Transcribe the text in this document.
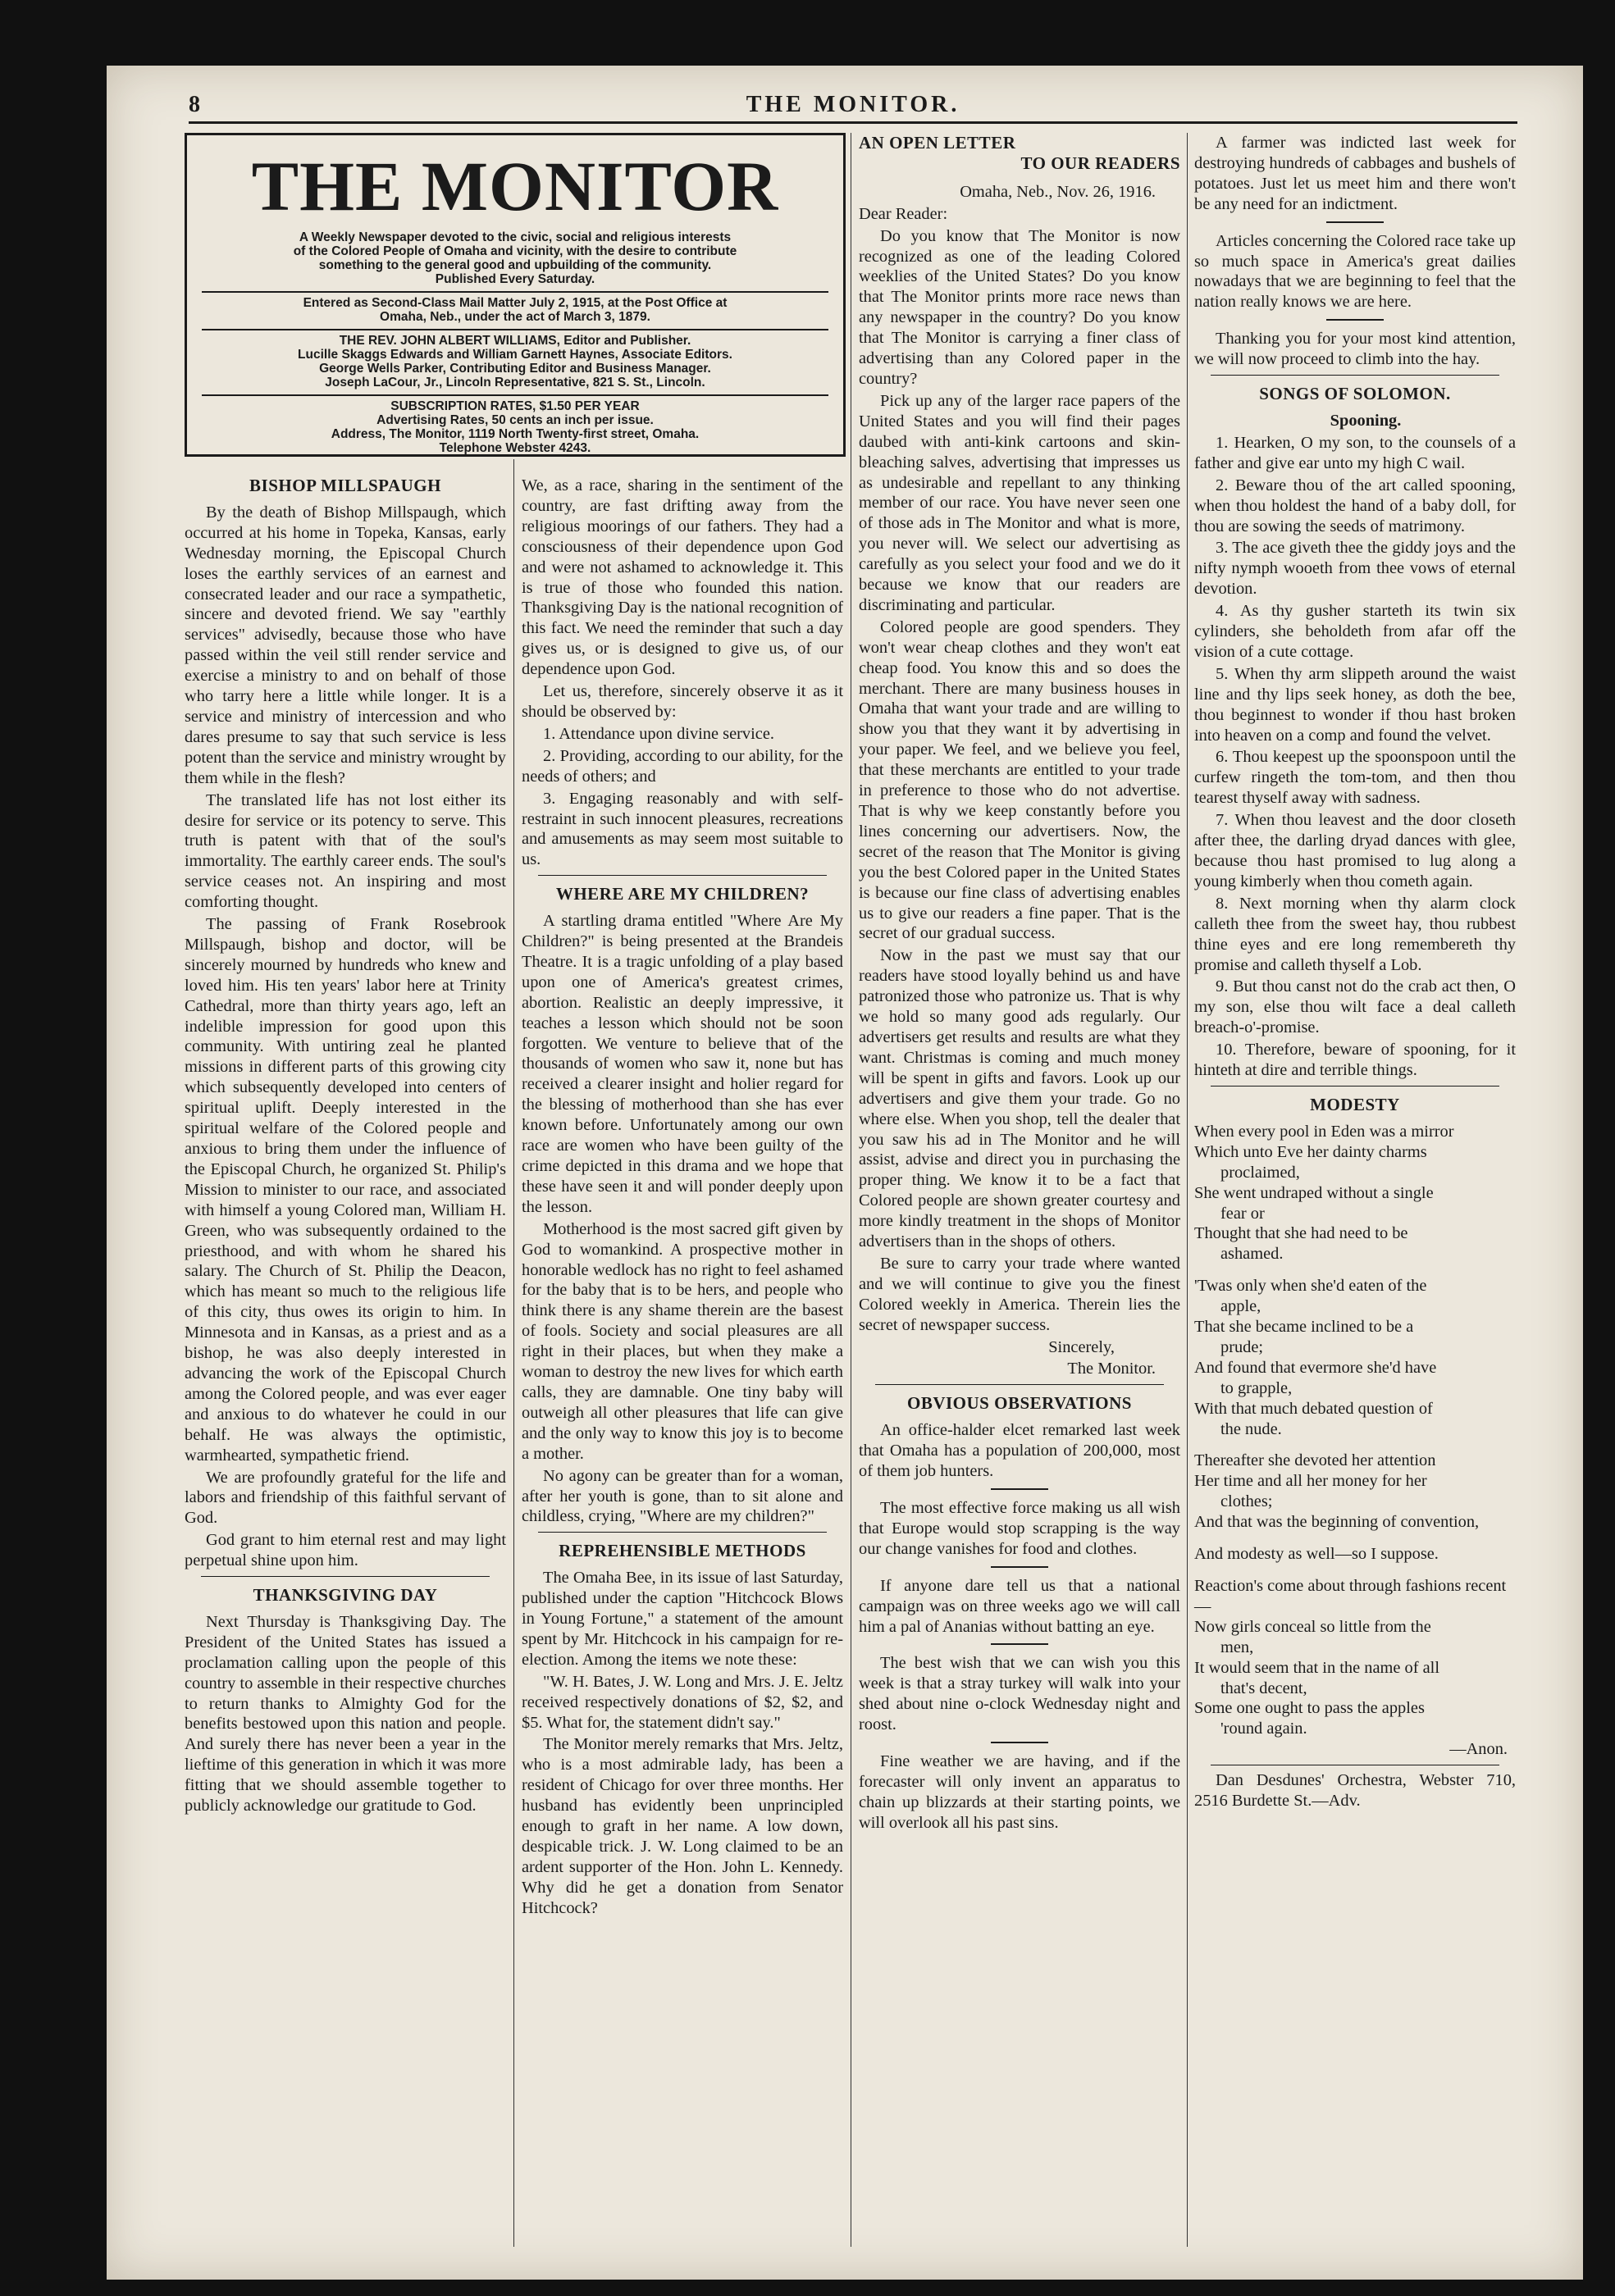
8	THE MONITOR.
THE MONITOR
A Weekly Newspaper devoted to the civic, social and religious interests
of the Colored People of Omaha and vicinity, with the desire to contribute
something to the general good and upbuilding of the community.
Published Every Saturday.
Entered as Second-Class Mail Matter July 2, 1915, at the Post Office at
Omaha, Neb., under the act of March 3, 1879.
THE REV. JOHN ALBERT WILLIAMS, Editor and Publisher.
Lucille Skaggs Edwards and William Garnett Haynes, Associate Editors.
George Wells Parker, Contributing Editor and Business Manager.
Joseph LaCour, Jr., Lincoln Representative, 821 S. St., Lincoln.
SUBSCRIPTION RATES, $1.50 PER YEAR
Advertising Rates, 50 cents an inch per issue.
Address, The Monitor, 1119 North Twenty-first street, Omaha.
Telephone Webster 4243.
BISHOP MILLSPAUGH

By the death of Bishop Millspaugh, which occurred at his home in Topeka, Kansas, early Wednesday morning, the Episcopal Church loses the earthly services of an earnest and consecrated leader and our race a sympathetic, sincere and devoted friend. We say "earthly services" advisedly, because those who have passed within the veil still render service and exercise a ministry to and on behalf of those who tarry here a little while longer. It is a service and ministry of intercession and who dares presume to say that such service is less potent than the service and ministry wrought by them while in the flesh?

The translated life has not lost either its desire for service or its potency to serve. This truth is patent with that of the soul's immortality. The earthly career ends. The soul's service ceases not. An inspiring and most comforting thought.

The passing of Frank Rosebrook Millspaugh, bishop and doctor, will be sincerely mourned by hundreds who knew and loved him. His ten years' labor here at Trinity Cathedral, more than thirty years ago, left an indelible impression for good upon this community. With untiring zeal he planted missions in different parts of this growing city which subsequently developed into centers of spiritual uplift. Deeply interested in the spiritual welfare of the Colored people and anxious to bring them under the influence of the Episcopal Church, he organized St. Philip's Mission to minister to our race, and associated with himself a young Colored man, William H. Green, who was subsequently ordained to the priesthood, and with whom he shared his salary. The Church of St. Philip the Deacon, which has meant so much to the religious life of this city, thus owes its origin to him. In Minnesota and in Kansas, as a priest and as a bishop, he was also deeply interested in advancing the work of the Episcopal Church among the Colored people, and was ever eager and anxious to do whatever he could in our behalf. He was always the optimistic, warmhearted, sympathetic friend.

We are profoundly grateful for the life and labors and friendship of this faithful servant of God.

God grant to him eternal rest and may light perpetual shine upon him.

THANKSGIVING DAY

Next Thursday is Thanksgiving Day. The President of the United States has issued a proclamation calling upon the people of this country to assemble in their respective churches to return thanks to Almighty God for the benefits bestowed upon this nation and people. And surely there has never been a year in the lieftime of this generation in which it was more fitting that we should assemble together to publicly acknowledge our gratitude to God.

We, as a race, sharing in the sentiment of the country, are fast drifting away from the religious moorings of our fathers. They had a consciousness of their dependence upon God and were not ashamed to acknowledge it. This is true of those who founded this nation. Thanksgiving Day is the national recognition of this fact. We need the reminder that such a day gives us, or is designed to give us, of our dependence upon God.

Let us, therefore, sincerely observe it as it should be observed by:

1. Attendance upon divine service.

2. Providing, according to our ability, for the needs of others; and

3. Engaging reasonably and with self-restraint in such innocent pleasures, recreations and amusements as may seem most suitable to us.

WHERE ARE MY CHILDREN?

A startling drama entitled "Where Are My Children?" is being presented at the Brandeis Theatre. It is a tragic unfolding of a play based upon one of America's greatest crimes, abortion. Realistic an deeply impressive, it teaches a lesson which should not be soon forgotten. We venture to believe that of the thousands of women who saw it, none but has received a clearer insight and holier regard for the blessing of motherhood than she has ever known before. Unfortunately among our own race are women who have been guilty of the crime depicted in this drama and we hope that these have seen it and will ponder deeply upon the lesson.

Motherhood is the most sacred gift given by God to womankind. A prospective mother in honorable wedlock has no right to feel ashamed for the baby that is to be hers, and people who think there is any shame therein are the basest of fools. Society and social pleasures are all right in their places, but when they make a woman to destroy the new lives for which earth calls, they are damnable. One tiny baby will outweigh all other pleasures that life can give and the only way to know this joy is to become a mother.

No agony can be greater than for a woman, after her youth is gone, than to sit alone and childless, crying, "Where are my children?"

REPREHENSIBLE METHODS

The Omaha Bee, in its issue of last Saturday, published under the caption "Hitchcock Blows in Young Fortune," a statement of the amount spent by Mr. Hitchcock in his campaign for re-election. Among the items we note these:

"W. H. Bates, J. W. Long and Mrs. J. E. Jeltz received respectively donations of $2, $2, and $5. What for, the statement didn't say."

The Monitor merely remarks that Mrs. Jeltz, who is a most admirable lady, has been a resident of Chicago for over three months. Her husband has evidently been unprincipled enough to graft in her name. A low down, despicable trick. J. W. Long claimed to be an ardent supporter of the Hon. John L. Kennedy. Why did he get a donation from Senator Hitchcock?

AN OPEN LETTER
TO OUR READERS

Omaha, Neb., Nov. 26, 1916.

Dear Reader:

Do you know that The Monitor is now recognized as one of the leading Colored weeklies of the United States? Do you know that The Monitor prints more race news than any newspaper in the country? Do you know that The Monitor is carrying a finer class of advertising than any Colored paper in the country?

Pick up any of the larger race papers of the United States and you will find their pages daubed with anti-kink cartoons and skin-bleaching salves, advertising that impresses us as undesirable and repellant to any thinking member of our race. You have never seen one of those ads in The Monitor and what is more, you never will. We select our advertising as carefully as you select your food and we do it because we know that our readers are discriminating and particular.

Colored people are good spenders. They won't wear cheap clothes and they won't eat cheap food. You know this and so does the merchant. There are many business houses in Omaha that want your trade and are willing to show you that they want it by advertising in your paper. We feel, and we believe you feel, that these merchants are entitled to your trade in preference to those who do not advertise. That is why we keep constantly before you lines concerning our advertisers. Now, the secret of the reason that The Monitor is giving you the best Colored paper in the United States is because our fine class of advertising enables us to give our readers a fine paper. That is the secret of our gradual success.

Now in the past we must say that our readers have stood loyally behind us and have patronized those who patronize us. That is why we hold so many good ads regularly. Our advertisers get results and results are what they want. Christmas is coming and much money will be spent in gifts and favors. Look up our advertisers and give them your trade. Go no where else. When you shop, tell the dealer that you saw his ad in The Monitor and he will assist, advise and direct you in purchasing the proper thing. We know it to be a fact that Colored people are shown greater courtesy and more kindly treatment in the shops of Monitor advertisers than in the shops of others.

Be sure to carry your trade where wanted and we will continue to give you the finest Colored weekly in America. Therein lies the secret of newspaper success.

Sincerely,

The Monitor.

OBVIOUS OBSERVATIONS

An office-halder elcet remarked last week that Omaha has a population of 200,000, most of them job hunters.

The most effective force making us all wish that Europe would stop scrapping is the way our change vanishes for food and clothes.

If anyone dare tell us that a national campaign was on three weeks ago we will call him a pal of Ananias without batting an eye.

The best wish that we can wish you this week is that a stray turkey will walk into your shed about nine o-clock Wednesday night and roost.

Fine weather we are having, and if the forecaster will only invent an apparatus to chain up blizzards at their starting points, we will overlook all his past sins.

A farmer was indicted last week for destroying hundreds of cabbages and bushels of potatoes. Just let us meet him and there won't be any need for an indictment.

Articles concerning the Colored race take up so much space in America's great dailies nowadays that we are beginning to feel that the nation really knows we are here.

Thanking you for your most kind attention, we will now proceed to climb into the hay.

SONGS OF SOLOMON.

Spooning.

1. Hearken, O my son, to the counsels of a father and give ear unto my high C wail.

2. Beware thou of the art called spooning, when thou holdest the hand of a baby doll, for thou are sowing the seeds of matrimony.

3. The ace giveth thee the giddy joys and the nifty nymph wooeth from thee vows of eternal devotion.

4. As thy gusher starteth its twin six cylinders, she beholdeth from afar off the vision of a cute cottage.

5. When thy arm slippeth around the waist line and thy lips seek honey, as doth the bee, thou beginnest to wonder if thou hast broken into heaven on a comp and found the velvet.

6. Thou keepest up the spoonspoon until the curfew ringeth the tom-tom, and then thou tearest thyself away with sadness.

7. When thou leavest and the door closeth after thee, the darling dryad dances with glee, because thou hast promised to lug along a young kimberly when thou cometh again.

8. Next morning when thy alarm clock calleth thee from the sweet hay, thou rubbest thine eyes and ere long remembereth thy promise and calleth thyself a Lob.

9. But thou canst not do the crab act then, O my son, else thou wilt face a deal calleth breach-o'-promise.

10. Therefore, beware of spooning, for it hinteth at dire and terrible things.

MODESTY

When every pool in Eden was a mirror

Which unto Eve her dainty charms

proclaimed,

She went undraped without a single

fear or

Thought that she had need to be

ashamed.

'Twas only when she'd eaten of the

apple,

That she became inclined to be a

prude;

And found that evermore she'd have

to grapple,

With that much debated question of

the nude.

Thereafter she devoted her attention

Her time and all her money for her

clothes;

And that was the beginning of convention,

And modesty as well—so I suppose.

Reaction's come about through fashions recent—

Now girls conceal so little from the

men,

It would seem that in the name of all

that's decent,

Some one ought to pass the apples

'round again.

—Anon.

Dan Desdunes' Orchestra, Webster 710, 2516 Burdette St.—Adv.
